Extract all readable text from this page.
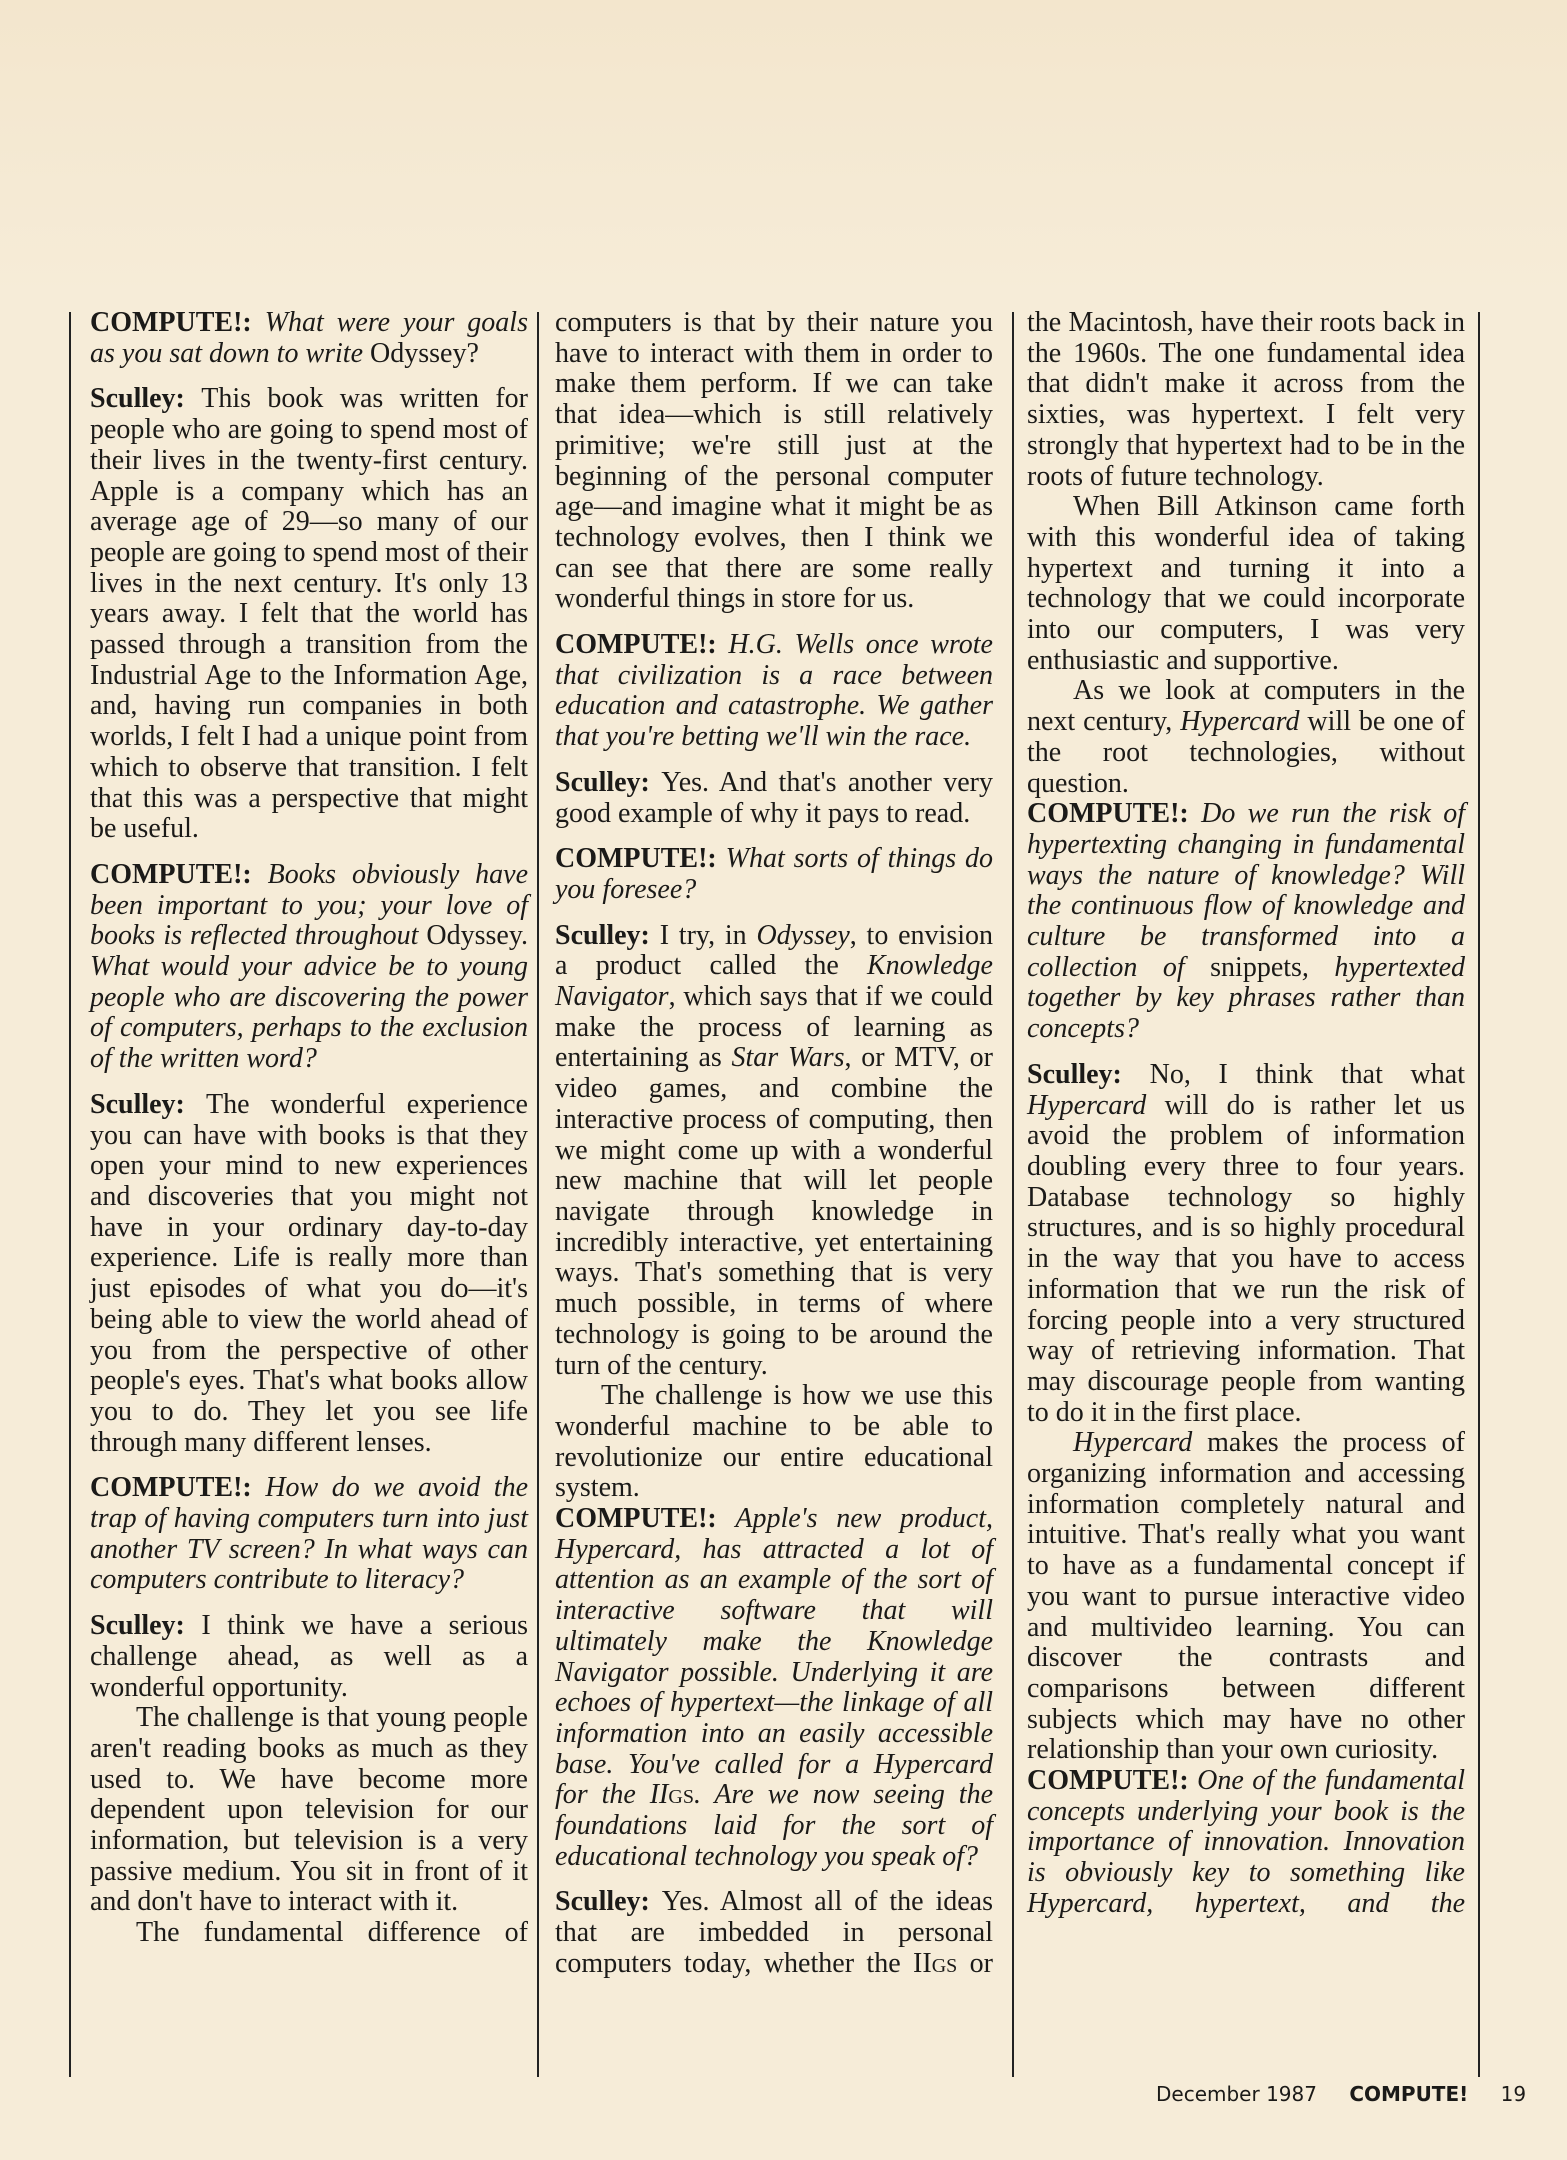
COMPUTE!: What were your goals as you sat down to write Odyssey?

Sculley: This book was written for people who are going to spend most of their lives in the twenty-first century. Apple is a company which has an average age of 29—so many of our people are going to spend most of their lives in the next century. It's only 13 years away. I felt that the world has passed through a transition from the Industrial Age to the Information Age, and, having run companies in both worlds, I felt I had a unique point from which to observe that transition. I felt that this was a perspective that might be useful.

COMPUTE!: Books obviously have been important to you; your love of books is reflected throughout Odyssey. What would your advice be to young people who are discovering the power of computers, perhaps to the exclusion of the written word?

Sculley: The wonderful experience you can have with books is that they open your mind to new experiences and discoveries that you might not have in your ordinary day-to-day experience. Life is really more than just episodes of what you do—it's being able to view the world ahead of you from the perspective of other people's eyes. That's what books allow you to do. They let you see life through many different lenses.

COMPUTE!: How do we avoid the trap of having computers turn into just another TV screen? In what ways can computers contribute to literacy?

Sculley: I think we have a serious challenge ahead, as well as a wonderful opportunity.

The challenge is that young people aren't reading books as much as they used to. We have become more dependent upon television for our information, but television is a very passive medium. You sit in front of it and don't have to interact with it.

The fundamental difference of

computers is that by their nature you have to interact with them in order to make them perform. If we can take that idea—which is still relatively primitive; we're still just at the beginning of the personal computer age—and imagine what it might be as technology evolves, then I think we can see that there are some really wonderful things in store for us.

COMPUTE!: H.G. Wells once wrote that civilization is a race between education and catastrophe. We gather that you're betting we'll win the race.

Sculley: Yes. And that's another very good example of why it pays to read.

COMPUTE!: What sorts of things do you foresee?

Sculley: I try, in Odyssey, to envision a product called the Knowledge Navigator, which says that if we could make the process of learning as entertaining as Star Wars, or MTV, or video games, and combine the interactive process of computing, then we might come up with a wonderful new machine that will let people navigate through knowledge in incredibly interactive, yet entertaining ways. That's something that is very much possible, in terms of where technology is going to be around the turn of the century.

The challenge is how we use this wonderful machine to be able to revolutionize our entire educational system.

COMPUTE!: Apple's new product, Hypercard, has attracted a lot of attention as an example of the sort of interactive software that will ultimately make the Knowledge Navigator possible. Underlying it are echoes of hypertext—the linkage of all information into an easily accessible base. You've called for a Hypercard for the IIgs. Are we now seeing the foundations laid for the sort of educational technology you speak of?

Sculley: Yes. Almost all of the ideas that are imbedded in personal computers today, whether the IIgs or

the Macintosh, have their roots back in the 1960s. The one fundamental idea that didn't make it across from the sixties, was hypertext. I felt very strongly that hypertext had to be in the roots of future technology.

When Bill Atkinson came forth with this wonderful idea of taking hypertext and turning it into a technology that we could incorporate into our computers, I was very enthusiastic and supportive.

As we look at computers in the next century, Hypercard will be one of the root technologies, without question.

COMPUTE!: Do we run the risk of hypertexting changing in fundamental ways the nature of knowledge? Will the continuous flow of knowledge and culture be transformed into a collection of snippets, hypertexted together by key phrases rather than concepts?

Sculley: No, I think that what Hypercard will do is rather let us avoid the problem of information doubling every three to four years. Database technology so highly structures, and is so highly procedural in the way that you have to access information that we run the risk of forcing people into a very structured way of retrieving information. That may discourage people from wanting to do it in the first place.

Hypercard makes the process of organizing information and accessing information completely natural and intuitive. That's really what you want to have as a fundamental concept if you want to pursue interactive video and multivideo learning. You can discover the contrasts and comparisons between different subjects which may have no other relationship than your own curiosity.

COMPUTE!: One of the fundamental concepts underlying your book is the importance of innovation. Innovation is obviously key to something like Hypercard, hypertext, and the

December 1987 COMPUTE! 19
